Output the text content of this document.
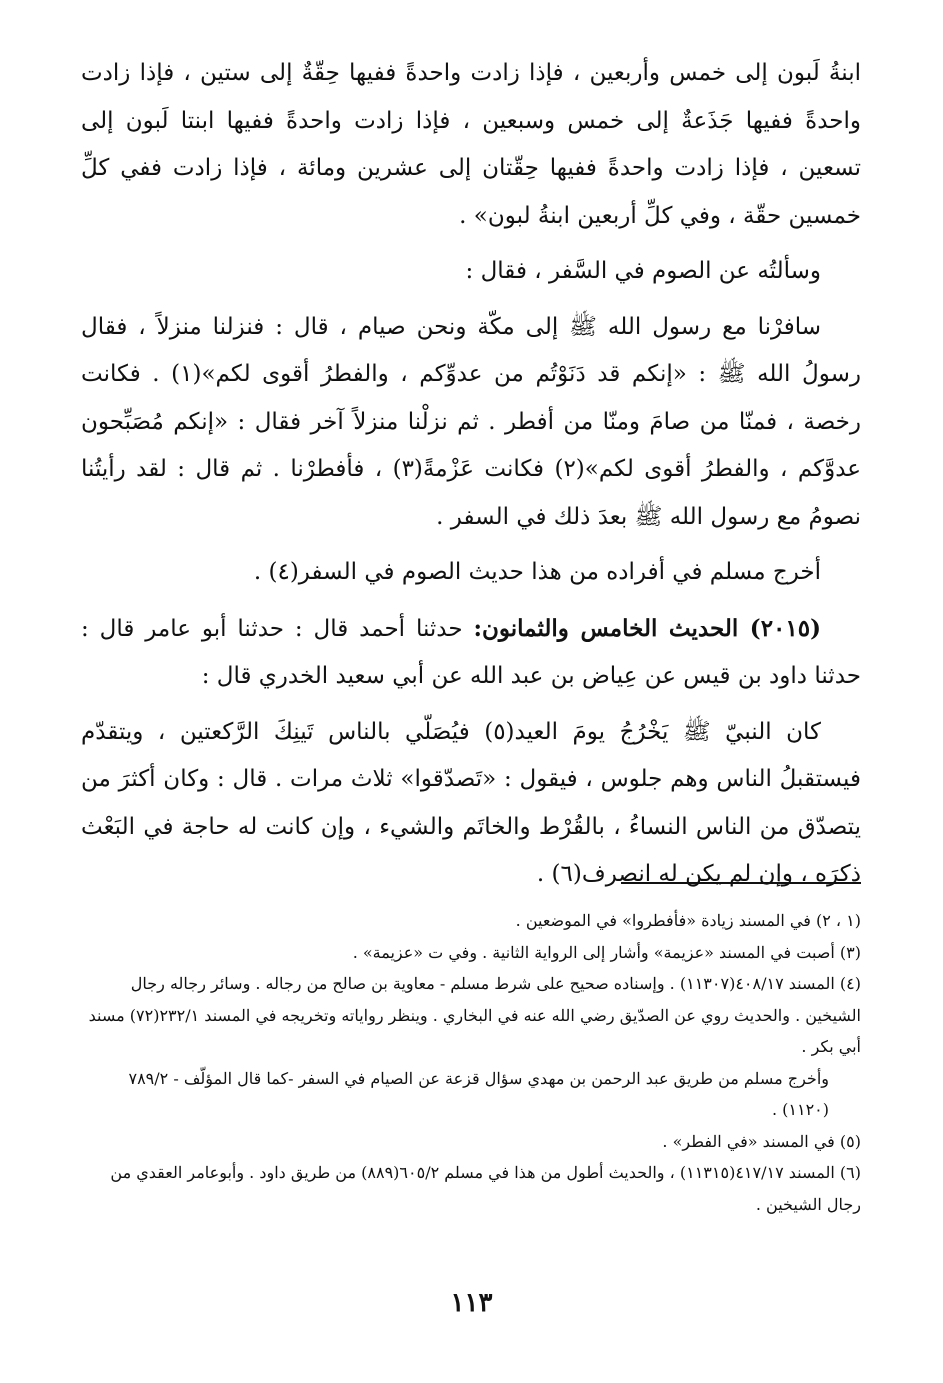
ابنةُ لَبون إلى خمس وأربعين ، فإذا زادت واحدةً ففيها حِقّةٌ إلى ستين ، فإذا زادت واحدةً ففيها جَذَعةٌ إلى خمس وسبعين ، فإذا زادت واحدةً ففيها ابنتا لَبون إلى تسعين ، فإذا زادت واحدةً ففيها حِقّتان إلى عشرين ومائة ، فإذا زادت ففي كلِّ خمسين حقّة ، وفي كلِّ أربعين ابنةُ لبون» .

وسألتُه عن الصوم في السَّفر ، فقال :

سافرْنا مع رسول الله ﷺ إلى مكّة ونحن صيام ، قال : فنزلنا منزلاً ، فقال رسولُ الله ﷺ : «إنكم قد دَنَوْتُم من عدوِّكم ، والفطرُ أقوى لكم»(١) . فكانت رخصة ، فمنّا من صامَ ومنّا من أفطر . ثم نزلْنا منزلاً آخر فقال : «إنكم مُصَبِّحون عدوَّكم ، والفطرُ أقوى لكم»(٢) فكانت عَزْمةً(٣) ، فأفطرْنا . ثم قال : لقد رأيتُنا نصومُ مع رسول الله ﷺ بعدَ ذلك في السفر .

أخرج مسلم في أفراده من هذا حديث الصوم في السفر(٤) .

(٢٠١٥) الحديث الخامس والثمانون: حدثنا أحمد قال : حدثنا أبو عامر قال : حدثنا داود بن قيس عن عِياض بن عبد الله عن أبي سعيد الخدري قال :

كان النبيّ ﷺ يَخْرُجُ يومَ العيد(٥) فيُصَلّي بالناس تَينِكَ الرَّكعتين ، ويتقدّم فيستقبلُ الناس وهم جلوس ، فيقول : «تَصدّقوا» ثلاث مرات . قال : وكان أكثرَ من يتصدّق من الناس النساءُ ، بالقُرْط والخاتَم والشيء ، وإن كانت له حاجة في البَعْث ذكرَه ، وإن لم يكن له انصرف(٦) .

(١ ، ٢) في المسند زيادة «فأفطروا» في الموضعين .

(٣) أصبت في المسند «عزيمة» وأشار إلى الرواية الثانية . وفي ت «عزيمة» .

(٤) المسند ٤٠٨/١٧(١١٣٠٧) . وإسناده صحيح على شرط مسلم - معاوية بن صالح من رجاله . وسائر رجاله رجال الشيخين . والحديث روي عن الصدّيق رضي الله عنه في البخاري . وينظر رواياته وتخريجه في المسند ٢٣٢/١(٧٢) مسند أبي بكر .

وأخرج مسلم من طريق عبد الرحمن بن مهدي سؤال قزعة عن الصيام في السفر -كما قال المؤلّف - ٧٨٩/٢ (١١٢٠) .

(٥) في المسند «في الفطر» .

(٦) المسند ٤١٧/١٧(١١٣١٥) ، والحديث أطول من هذا في مسلم ٦٠٥/٢(٨٨٩) من طريق داود . وأبوعامر العقدي من رجال الشيخين .

١١٣
